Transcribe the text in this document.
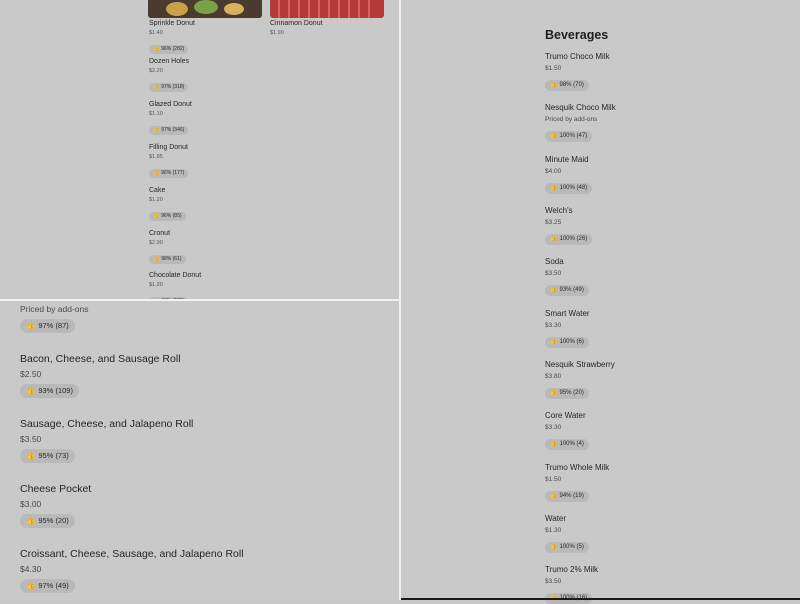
Sprinkle Donut
$1.40
👍 96% (282)
Cinnamon Donut
$1.90
Dozen Holes
$2.20
👍 97% (318)
Glazed Donut
$1.10
👍 97% (346)
Filling Donut
$1.95
👍 96% (177)
Cake
$1.20
👍 96% (85)
Cronut
$2.90
👍 98% (61)
Chocolate Donut
$1.20
Priced by add-ons
👍 97% (87)
Bacon, Cheese, and Sausage Roll
$2.50
👍 93% (109)
Sausage, Cheese, and Jalapeno Roll
$3.50
👍 95% (73)
Cheese Pocket
$3.00
👍 95% (20)
Croissant, Cheese, Sausage, and Jalapeno Roll
$4.30
👍 97% (49)
Beverages
Trumo Choco Milk
$1.50
👍 98% (70)
Nesquik Choco Milk
Priced by add-ons
👍 100% (47)
Minute Maid
$4.00
👍 100% (48)
Welch's
$3.25
👍 100% (26)
Soda
$3.50
👍 93% (49)
Smart Water
$3.30
👍 100% (6)
Nesquik Strawberry
$3.80
👍 95% (20)
Core Water
$3.30
👍 100% (4)
Trumo Whole Milk
$1.50
👍 94% (19)
Water
$1.30
👍 100% (5)
Trumo 2% Milk
$3.50
